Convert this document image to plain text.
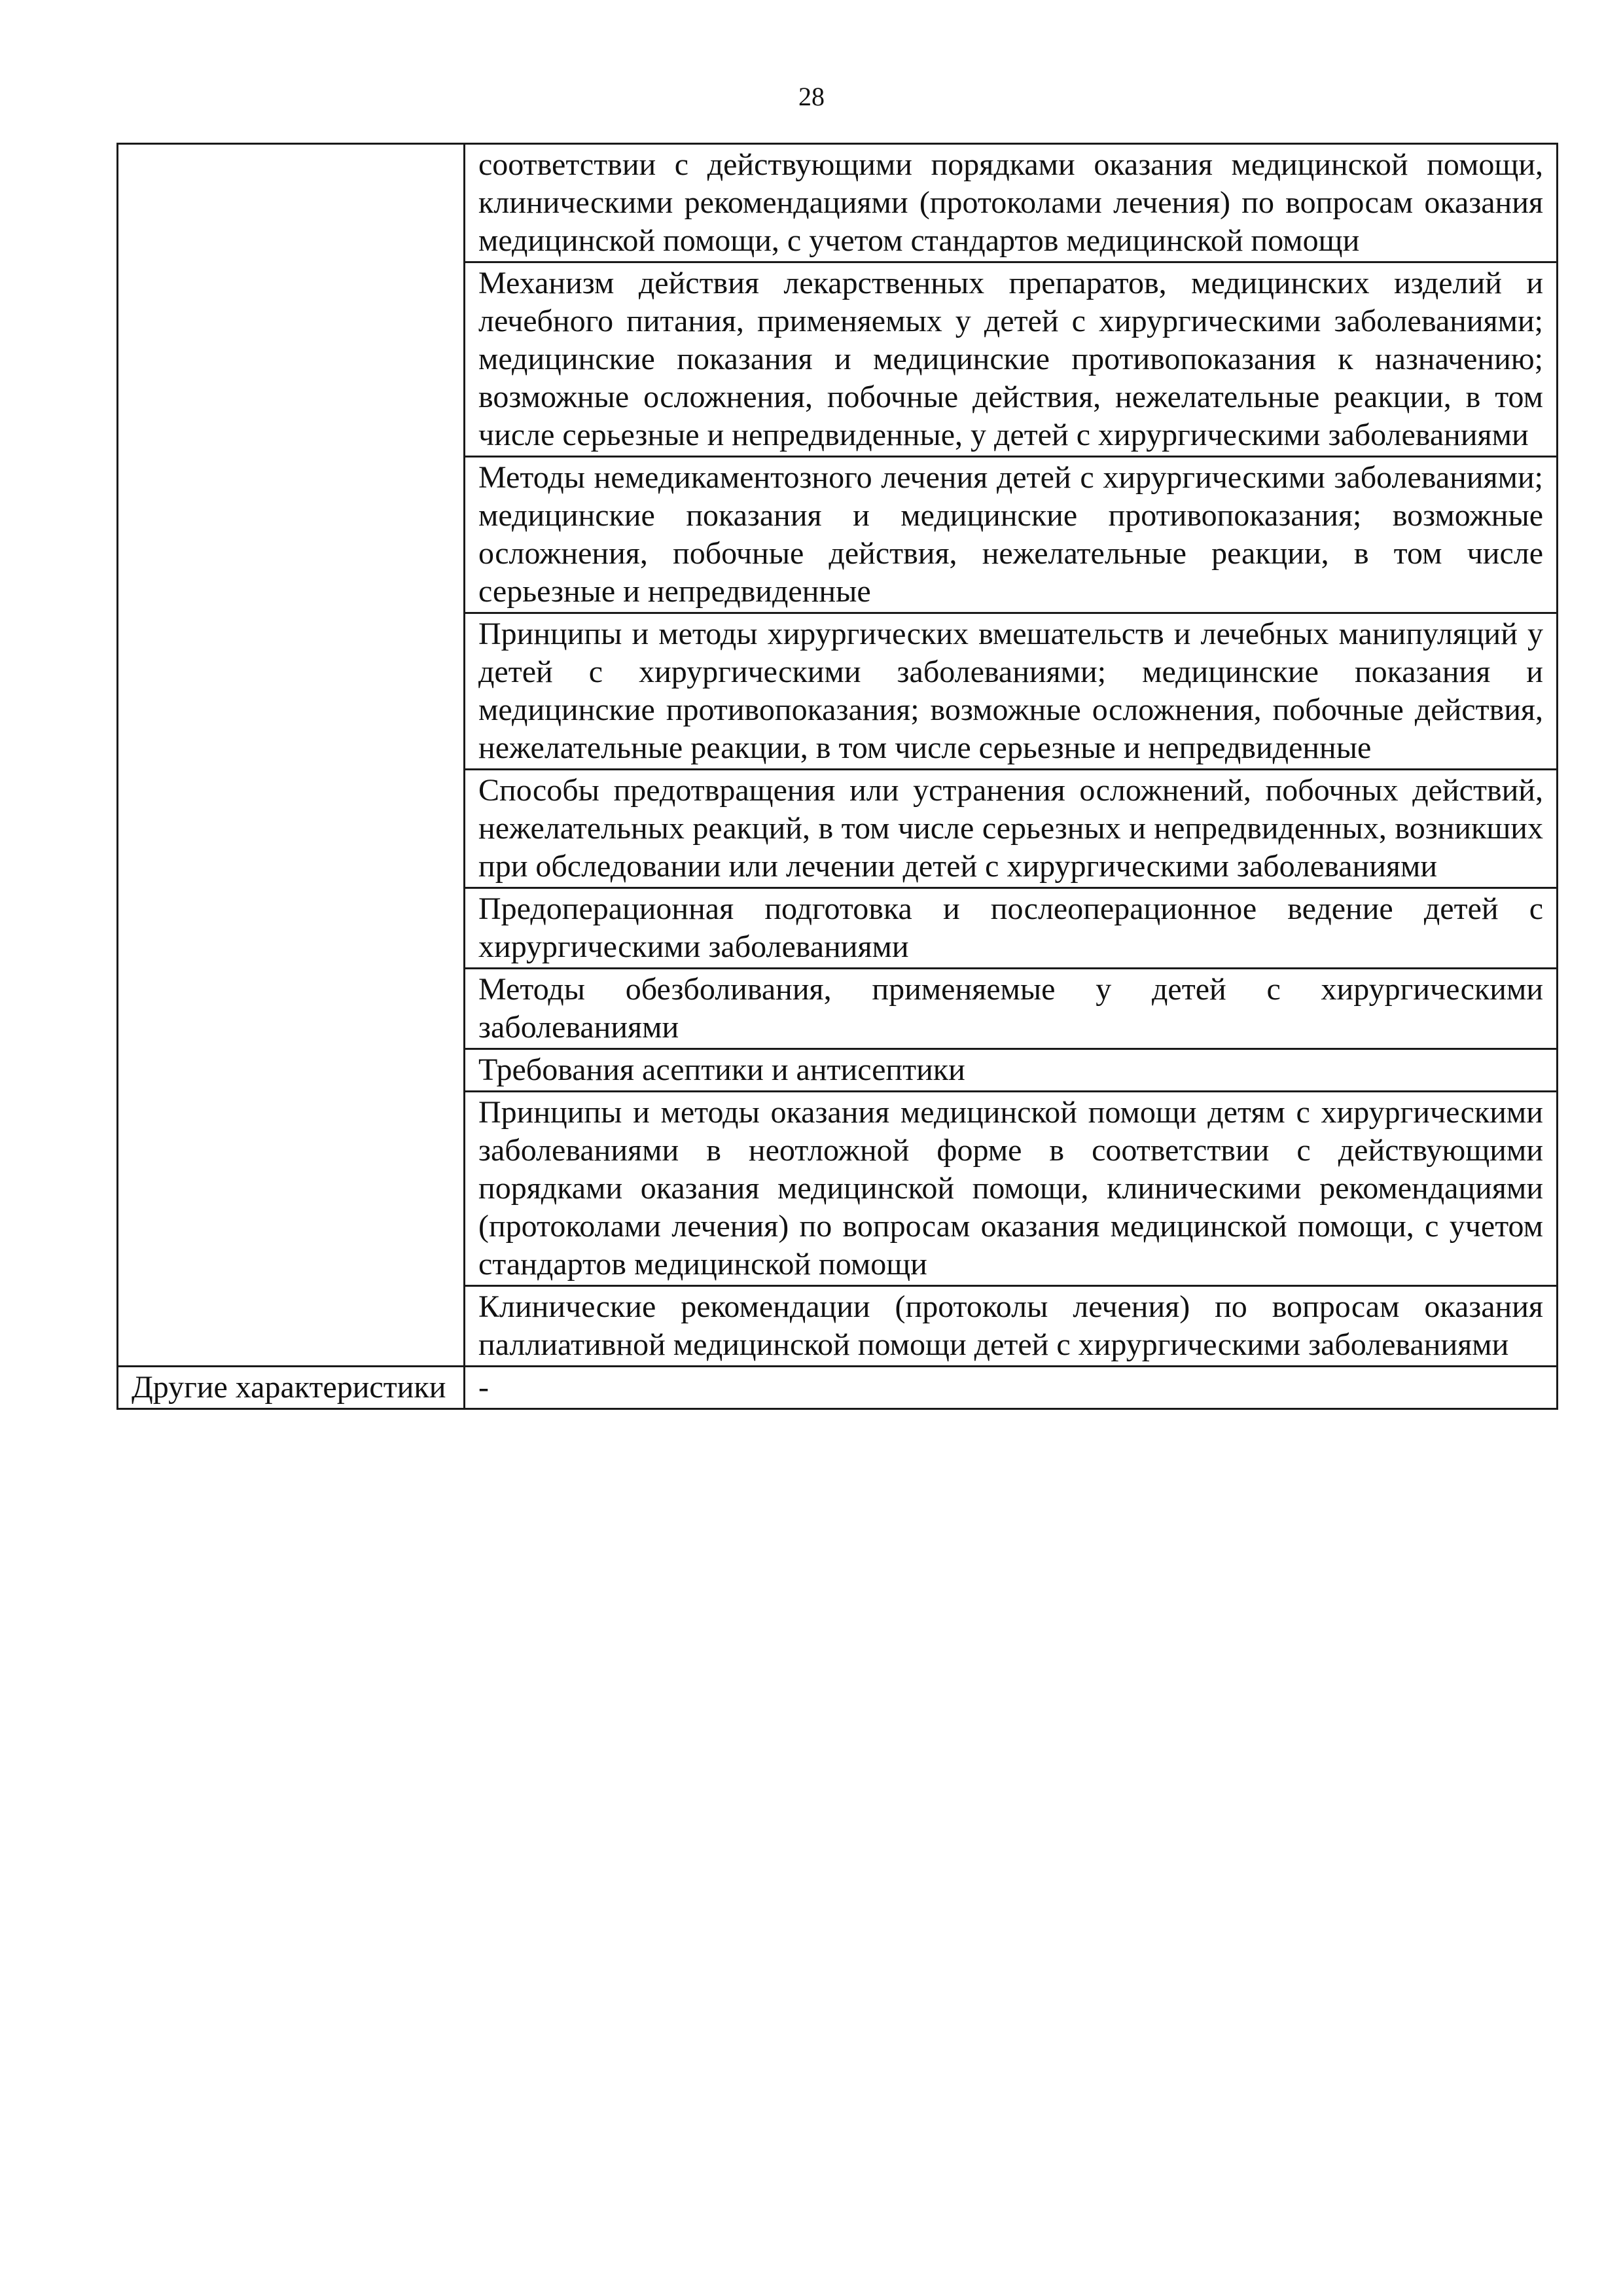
28

	соответствии с действующими порядками оказания медицинской помощи, клиническими рекомендациями (протоколами лечения) по вопросам оказания медицинской помощи, с учетом стандартов медицинской помощи

	Механизм действия лекарственных препаратов, медицинских изделий и лечебного питания, применяемых у детей с хирургическими заболеваниями; медицинские показания и медицинские противопоказания к назначению; возможные осложнения, побочные действия, нежелательные реакции, в том числе серьезные и непредвиденные, у детей с хирургическими заболеваниями

	Методы немедикаментозного лечения детей с хирургическими заболеваниями; медицинские показания и медицинские противопоказания; возможные осложнения, побочные действия, нежелательные реакции, в том числе серьезные и непредвиденные

	Принципы и методы хирургических вмешательств и лечебных манипуляций у детей с хирургическими заболеваниями; медицинские показания и медицинские противопоказания; возможные осложнения, побочные действия, нежелательные реакции, в том числе серьезные и непредвиденные

	Способы предотвращения или устранения осложнений, побочных действий, нежелательных реакций, в том числе серьезных и непредвиденных, возникших при обследовании или лечении детей с хирургическими заболеваниями

	Предоперационная подготовка и послеоперационное ведение детей с хирургическими заболеваниями

	Методы обезболивания, применяемые у детей с хирургическими заболеваниями

	Требования асептики и антисептики

	Принципы и методы оказания медицинской помощи детям с хирургическими заболеваниями в неотложной форме в соответствии с действующими порядками оказания медицинской помощи, клиническими рекомендациями (протоколами лечения) по вопросам оказания медицинской помощи, с учетом стандартов медицинской помощи

	Клинические рекомендации (протоколы лечения) по вопросам оказания паллиативной медицинской помощи детей с хирургическими заболеваниями

Другие характеристики	-
